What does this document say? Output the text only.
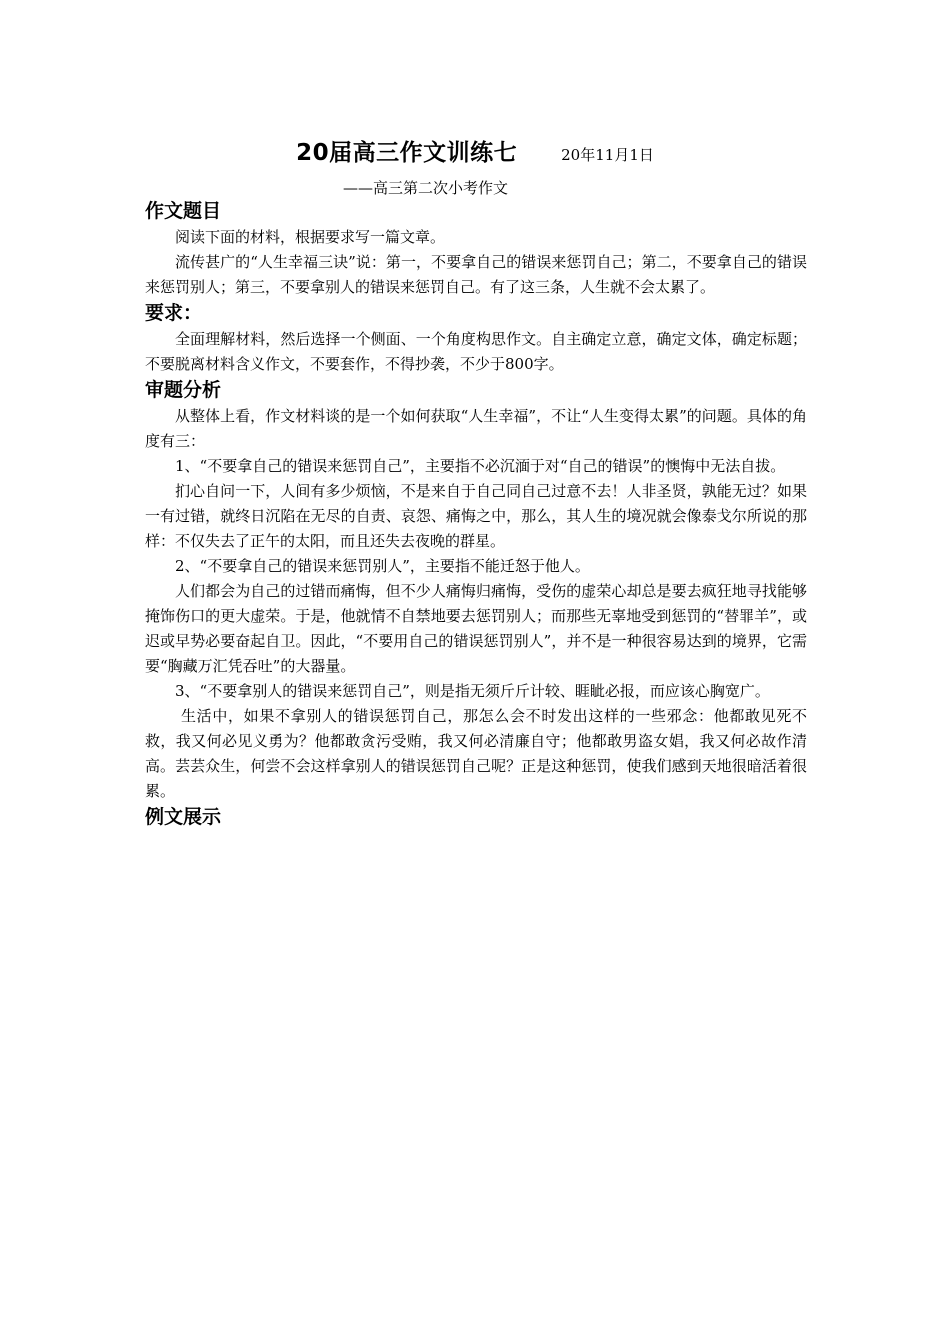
20届高三作文训练七	20年11月1日
——高三第二次小考作文
作文题目

阅读下面的材料，根据要求写一篇文章。

流传甚广的“人生幸福三诀”说：第一，不要拿自己的错误来惩罚自己；第二，不要拿自己的错误来惩罚别人；第三，不要拿别人的错误来惩罚自己。有了这三条，人生就不会太累了。

要求：

全面理解材料，然后选择一个侧面、一个角度构思作文。自主确定立意，确定文体，确定标题；不要脱离材料含义作文，不要套作，不得抄袭，不少于800字。

审题分析

从整体上看，作文材料谈的是一个如何获取“人生幸福”，不让“人生变得太累”的问题。具体的角度有三：

1、“不要拿自己的错误来惩罚自己”，主要指不必沉湎于对“自己的错误”的懊悔中无法自拔。

扪心自问一下，人间有多少烦恼，不是来自于自己同自己过意不去！人非圣贤，孰能无过？如果一有过错，就终日沉陷在无尽的自责、哀怨、痛悔之中，那么，其人生的境况就会像泰戈尔所说的那样：不仅失去了正午的太阳，而且还失去夜晚的群星。

2、“不要拿自己的错误来惩罚别人”，主要指不能迁怒于他人。

人们都会为自己的过错而痛悔，但不少人痛悔归痛悔，受伤的虚荣心却总是要去疯狂地寻找能够掩饰伤口的更大虚荣。于是，他就情不自禁地要去惩罚别人；而那些无辜地受到惩罚的“替罪羊”，或迟或早势必要奋起自卫。因此，“不要用自己的错误惩罚别人”，并不是一种很容易达到的境界，它需要“胸藏万汇凭吞吐”的大器量。

3、“不要拿别人的错误来惩罚自己”，则是指无须斤斤计较、睚眦必报，而应该心胸宽广。

生活中，如果不拿别人的错误惩罚自己，那怎么会不时发出这样的一些邪念：他都敢见死不救，我又何必见义勇为？他都敢贪污受贿，我又何必清廉自守；他都敢男盗女娼，我又何必故作清高。芸芸众生，何尝不会这样拿别人的错误惩罚自己呢？正是这种惩罚，使我们感到天地很暗活着很累。

例文展示
